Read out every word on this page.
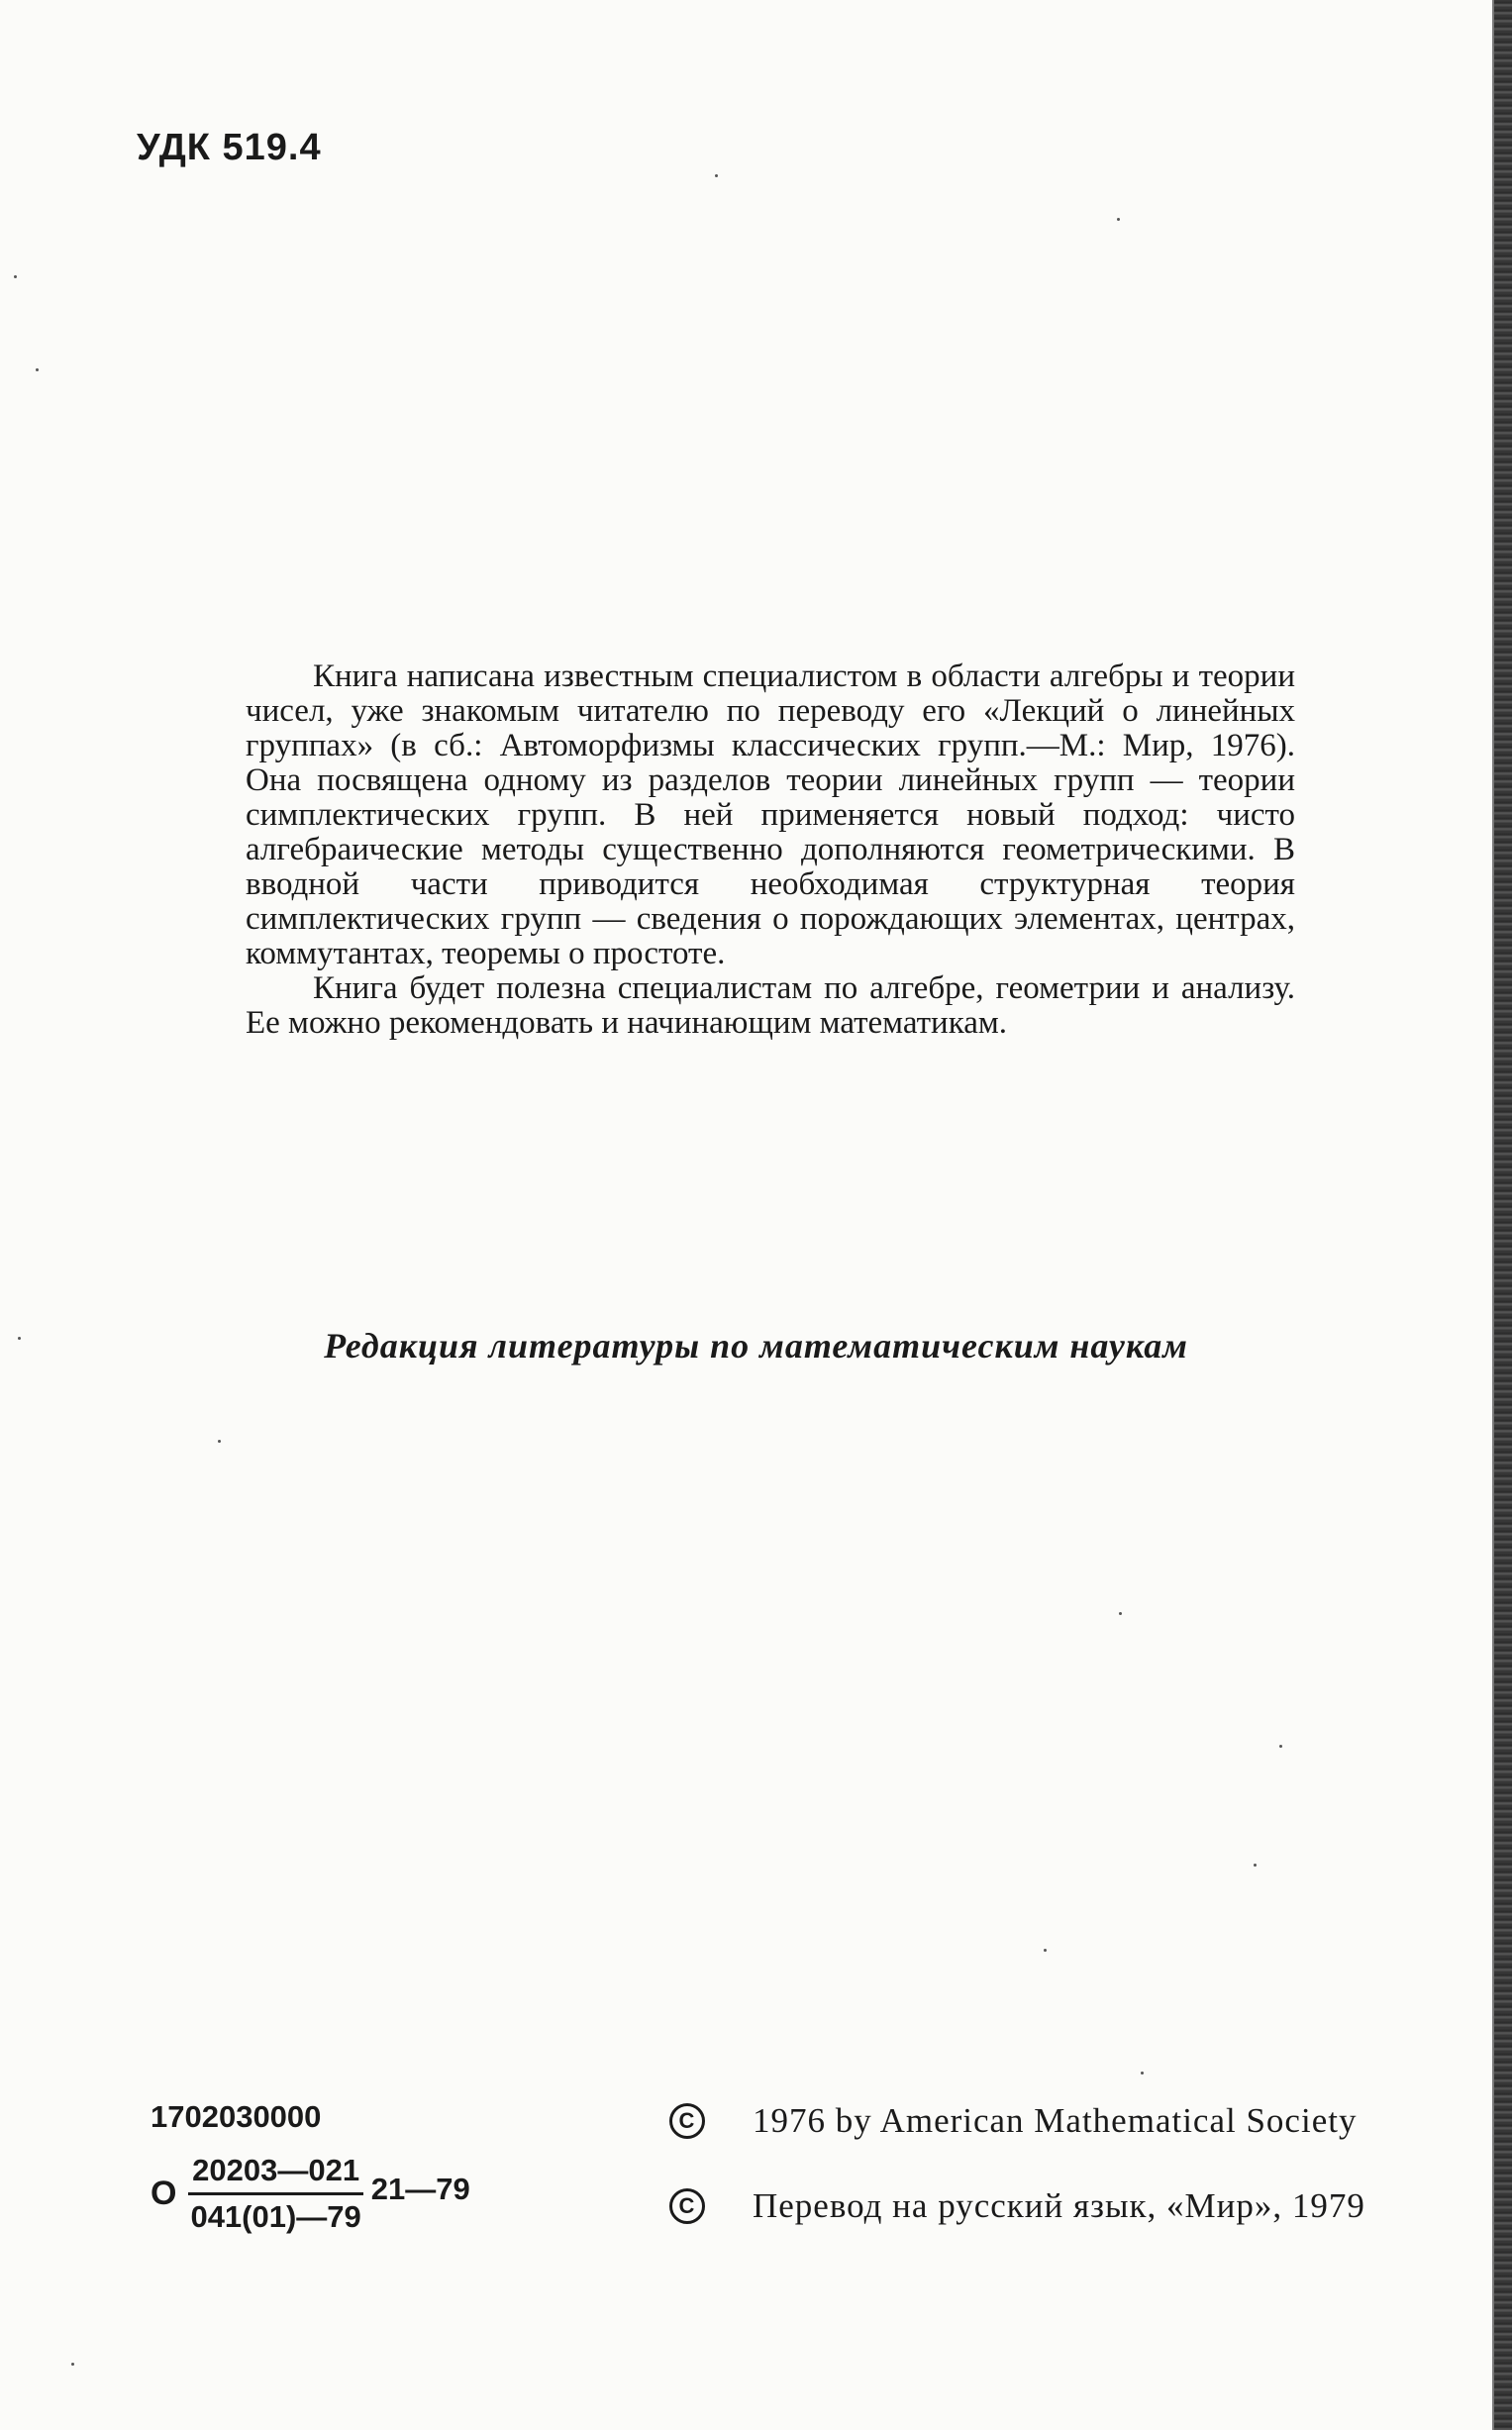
УДК 519.4

Книга написана известным специалистом в области алгебры и теории чисел, уже знакомым читателю по переводу его «Лекций о линейных группах» (в сб.: Автоморфизмы классических групп.—М.: Мир, 1976). Она посвящена одному из разделов теории линейных групп — теории симплектических групп. В ней применяется новый подход: чисто алгебраические методы существенно дополняются геометрическими. В вводной части приводится необходимая структурная теория симплектических групп — сведения о порождающих элементах, центрах, коммутантах, теоремы о простоте.

Книга будет полезна специалистам по алгебре, геометрии и анализу. Ее можно рекомендовать и начинающим математикам.

Редакция литературы по математическим наукам
1702030000
О $\frac{20203—021}{041(01)—79}$ 21—79
C 1976 by American Mathematical Society
C Перевод на русский язык, «Мир», 1979
